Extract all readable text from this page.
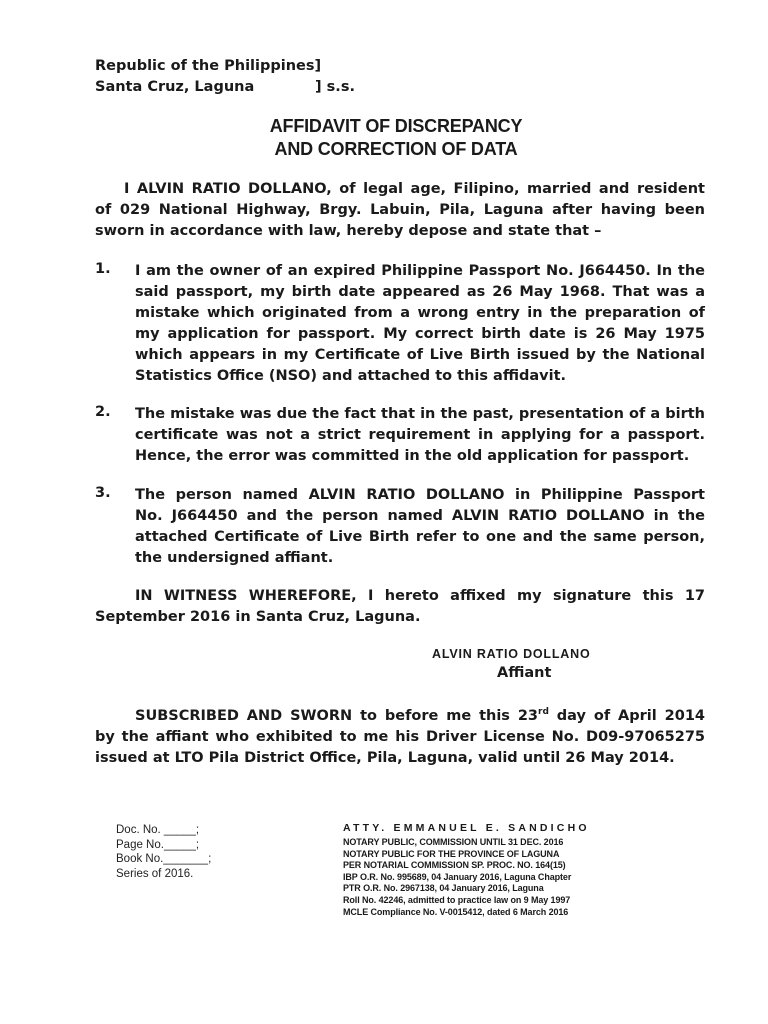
Republic of the Philippines]
Santa Cruz, Laguna	] s.s.
AFFIDAVIT OF DISCREPANCY
AND CORRECTION OF DATA
I ALVIN RATIO DOLLANO, of legal age, Filipino, married and resident
of 029 National Highway, Brgy. Labuin, Pila, Laguna after having been
sworn in accordance with law, hereby depose and state that –
1. I am the owner of an expired Philippine Passport No. J664450. In the
said passport, my birth date appeared as 26 May 1968. That was a
mistake which originated from a wrong entry in the preparation of
my application for passport. My correct birth date is 26 May 1975
which appears in my Certificate of Live Birth issued by the National
Statistics Office (NSO) and attached to this affidavit.
2. The mistake was due the fact that in the past, presentation of a birth
certificate was not a strict requirement in applying for a passport.
Hence, the error was committed in the old application for passport.
3. The person named ALVIN RATIO DOLLANO in Philippine Passport
No. J664450 and the person named ALVIN RATIO DOLLANO in the
attached Certificate of Live Birth refer to one and the same person,
the undersigned affiant.
IN WITNESS WHEREFORE, I hereto affixed my signature this 17
September 2016 in Santa Cruz, Laguna.
ALVIN RATIO DOLLANO
Affiant
SUBSCRIBED AND SWORN to before me this 23rd day of April 2014
by the affiant who exhibited to me his Driver License No. D09-97065275
issued at LTO Pila District Office, Pila, Laguna, valid until 26 May 2014.
Doc. No. _____;
Page No._____;
Book No._______;
Series of 2016.
ATTY. EMMANUEL E. SANDICHO
NOTARY PUBLIC, COMMISSION UNTIL 31 DEC. 2016
NOTARY PUBLIC FOR THE PROVINCE OF LAGUNA
PER NOTARIAL COMMISSION SP. PROC. NO. 164(15)
IBP O.R. No. 995689, 04 January 2016, Laguna Chapter
PTR O.R. No. 2967138, 04 January 2016, Laguna
Roll No. 42246, admitted to practice law on 9 May 1997
MCLE Compliance No. V-0015412, dated 6 March 2016
